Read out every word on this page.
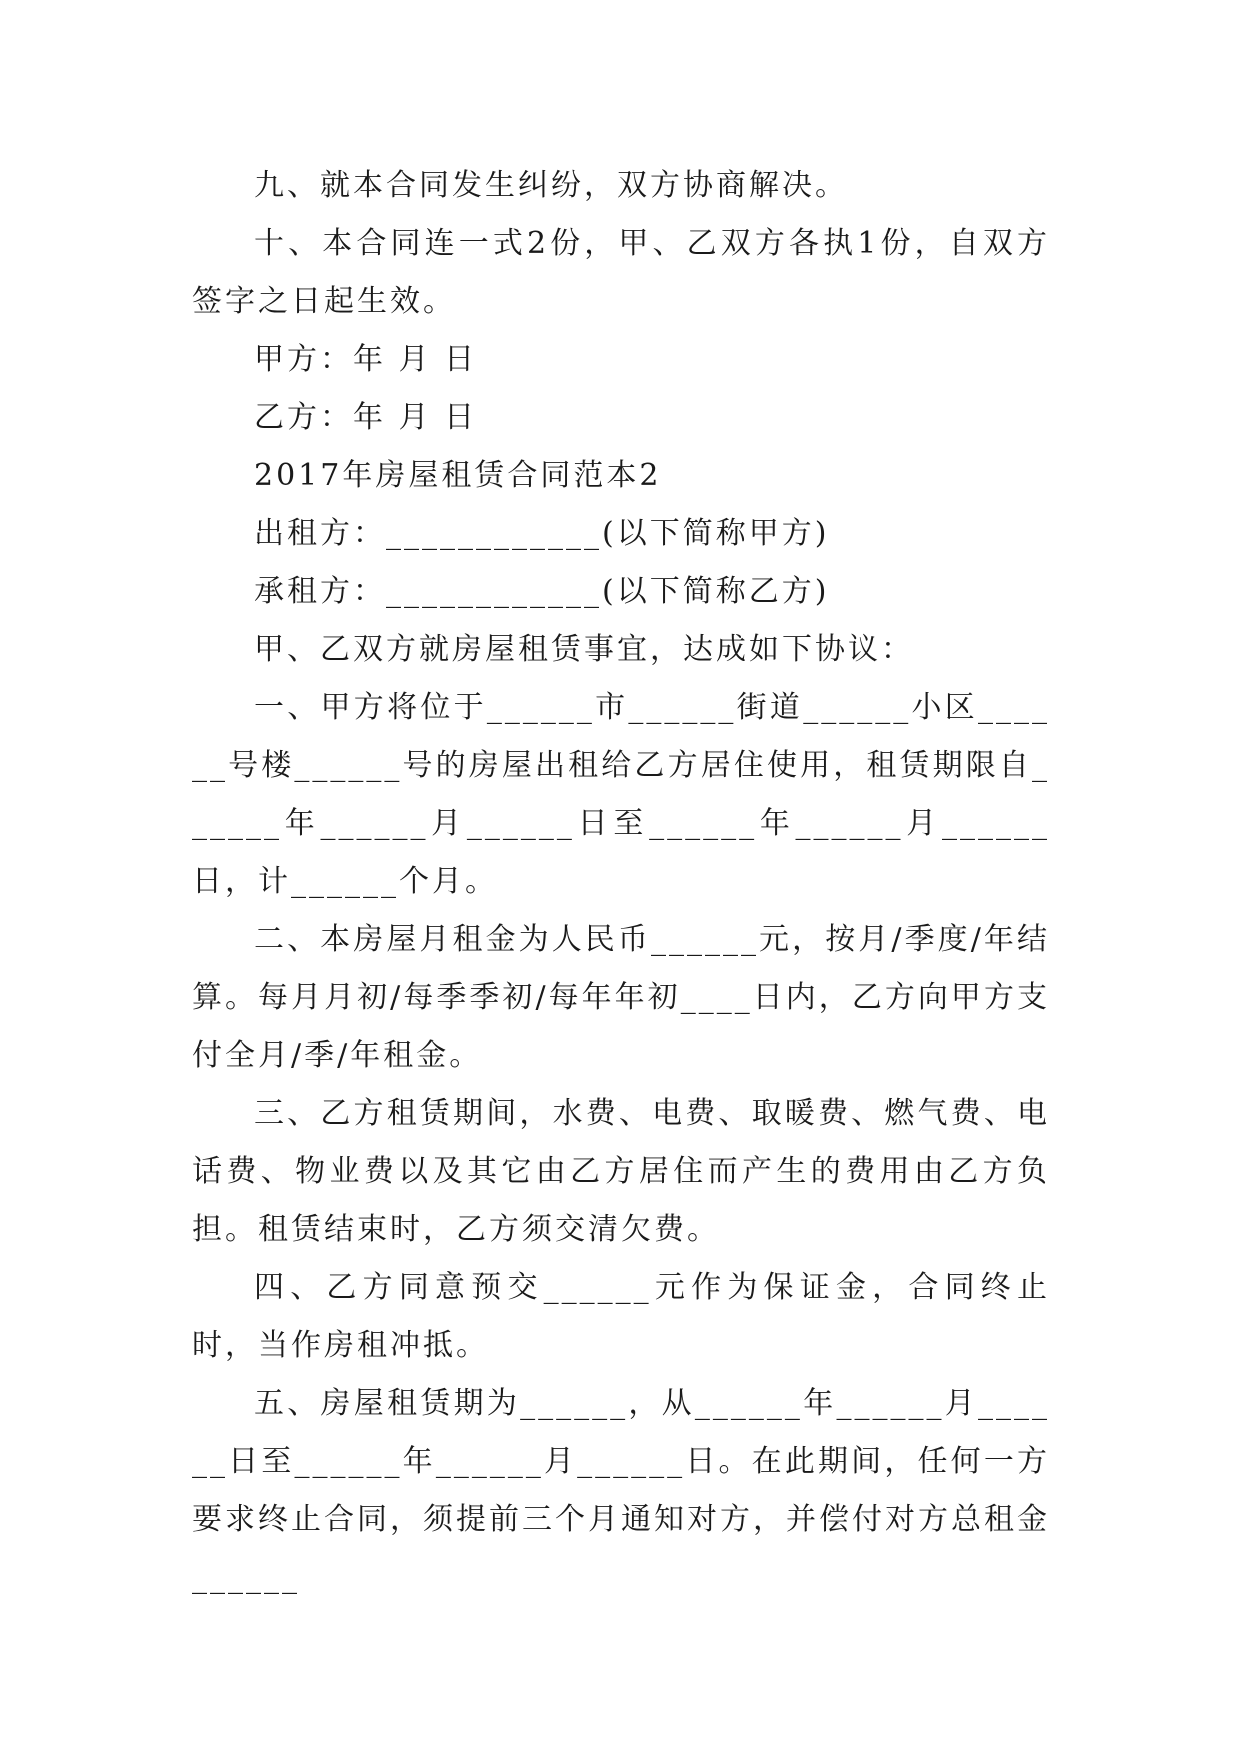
九、就本合同发生纠纷，双方协商解决。

十、本合同连一式2份，甲、乙双方各执1份，自双方签字之日起生效。

甲方：年 月 日

乙方：年 月 日

2017年房屋租赁合同范本2

出租方：____________(以下简称甲方)

承租方：____________(以下简称乙方)

甲、乙双方就房屋租赁事宜，达成如下协议：

一、甲方将位于______市______街道______小区______号楼______号的房屋出租给乙方居住使用，租赁期限自______年______月______日至______年______月______日，计______个月。

二、本房屋月租金为人民币______元，按月/季度/年结算。每月月初/每季季初/每年年初____日内，乙方向甲方支付全月/季/年租金。

三、乙方租赁期间，水费、电费、取暖费、燃气费、电话费、物业费以及其它由乙方居住而产生的费用由乙方负担。租赁结束时，乙方须交清欠费。

四、乙方同意预交______元作为保证金，合同终止时，当作房租冲抵。

五、房屋租赁期为______，从______年______月______日至______年______月______日。在此期间，任何一方要求终止合同，须提前三个月通知对方，并偿付对方总租金______
